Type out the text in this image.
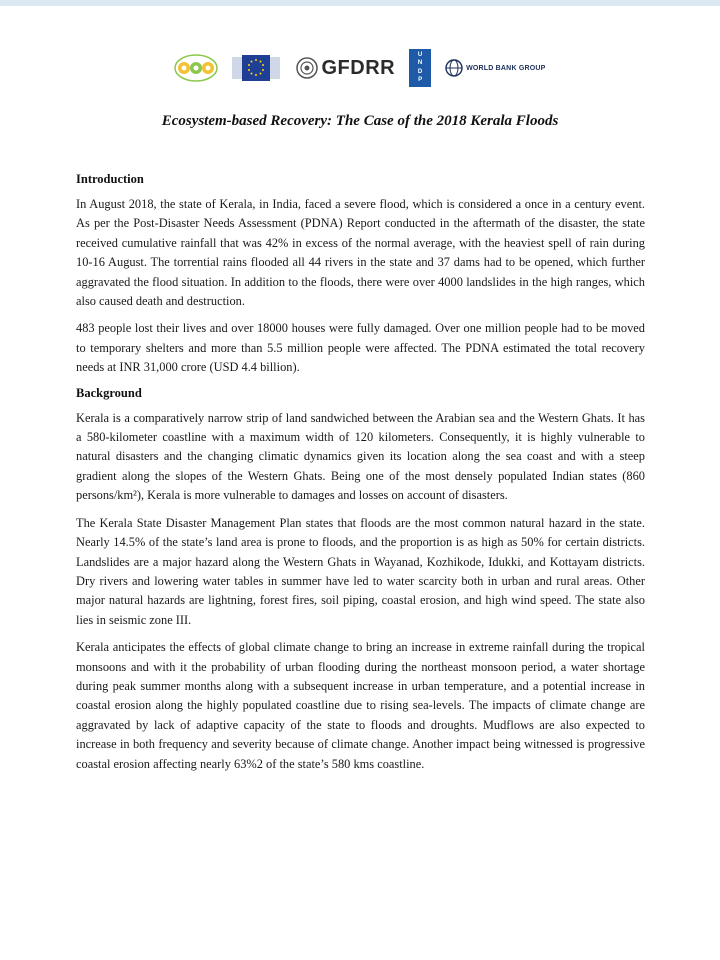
GFDRR
U
N
D
P
WORLD BANK GROUP
Ecosystem-based Recovery: The Case of the 2018 Kerala Floods
Introduction

In August 2018, the state of Kerala, in India, faced a severe flood, which is considered a once in a century event. As per the Post-Disaster Needs Assessment (PDNA) Report conducted in the aftermath of the disaster, the state received cumulative rainfall that was 42% in excess of the normal average, with the heaviest spell of rain during 10-16 August. The torrential rains flooded all 44 rivers in the state and 37 dams had to be opened, which further aggravated the flood situation. In addition to the floods, there were over 4000 landslides in the high ranges, which also caused death and destruction.

483 people lost their lives and over 18000 houses were fully damaged. Over one million people had to be moved to temporary shelters and more than 5.5 million people were affected. The PDNA estimated the total recovery needs at INR 31,000 crore (USD 4.4 billion).

Background

Kerala is a comparatively narrow strip of land sandwiched between the Arabian sea and the Western Ghats. It has a 580-kilometer coastline with a maximum width of 120 kilometers. Consequently, it is highly vulnerable to natural disasters and the changing climatic dynamics given its location along the sea coast and with a steep gradient along the slopes of the Western Ghats. Being one of the most densely populated Indian states (860 persons/km²), Kerala is more vulnerable to damages and losses on account of disasters.

The Kerala State Disaster Management Plan states that floods are the most common natural hazard in the state. Nearly 14.5% of the state’s land area is prone to floods, and the proportion is as high as 50% for certain districts. Landslides are a major hazard along the Western Ghats in Wayanad, Kozhikode, Idukki, and Kottayam districts. Dry rivers and lowering water tables in summer have led to water scarcity both in urban and rural areas. Other major natural hazards are lightning, forest fires, soil piping, coastal erosion, and high wind speed. The state also lies in seismic zone III.

Kerala anticipates the effects of global climate change to bring an increase in extreme rainfall during the tropical monsoons and with it the probability of urban flooding during the northeast monsoon period, a water shortage during peak summer months along with a subsequent increase in urban temperature, and a potential increase in coastal erosion along the highly populated coastline due to rising sea-levels. The impacts of climate change are aggravated by lack of adaptive capacity of the state to floods and droughts. Mudflows are also expected to increase in both frequency and severity because of climate change. Another impact being witnessed is progressive coastal erosion affecting nearly 63%2 of the state’s 580 kms coastline.
